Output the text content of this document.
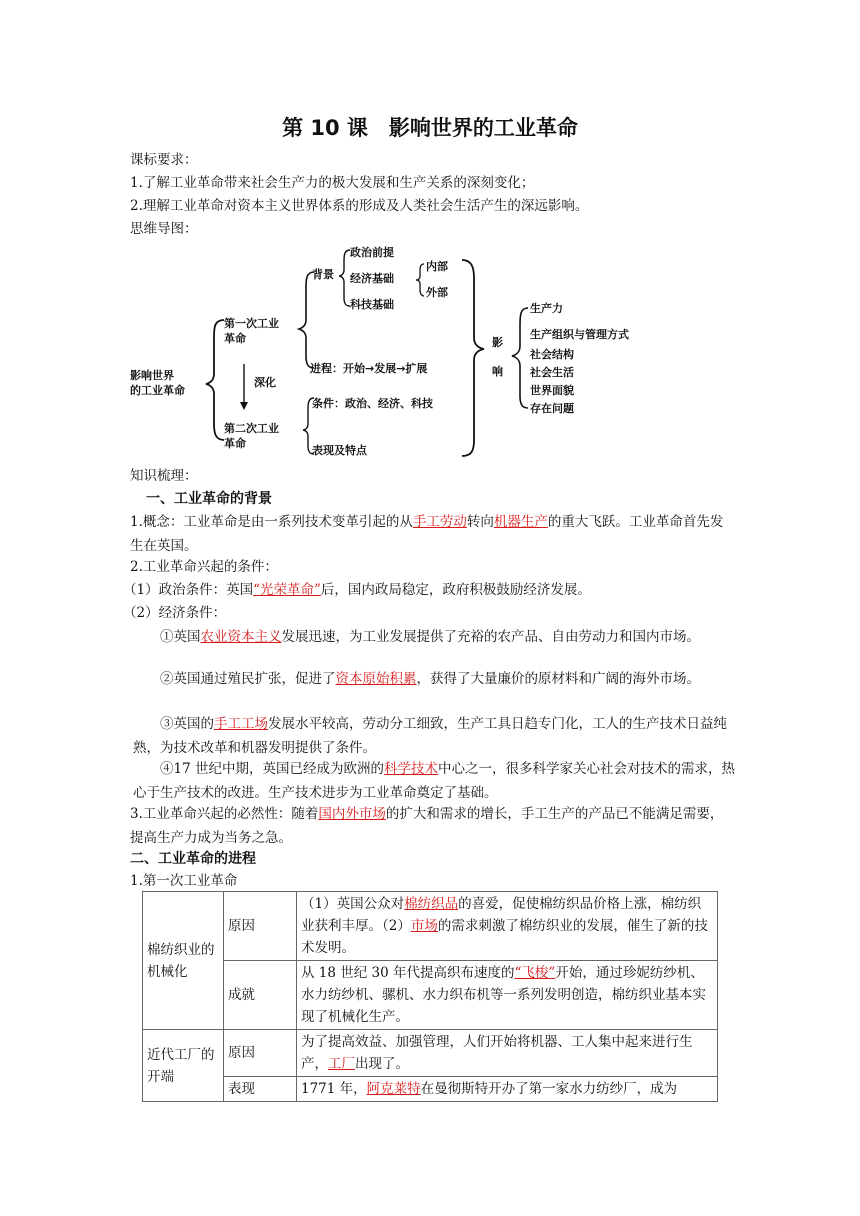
第 10 课　影响世界的工业革命
课标要求：
1.了解工业革命带来社会生产力的极大发展和生产关系的深刻变化；
2.理解工业革命对资本主义世界体系的形成及人类社会生活产生的深远影响。
思维导图：
影响世界
的工业革命
第一次工业
革命
深化
第二次工业
革命
背景
进程：开始→发展→扩展
政治前提
经济基础
科技基础
内部
外部
条件：政治、经济、科技
表现及特点
影
响
生产力
生产组织与管理方式
社会结构
社会生活
世界面貌
存在问题
知识梳理：
一、工业革命的背景
1.概念：工业革命是由一系列技术变革引起的从手工劳动转向机器生产的重大飞跃。工业革命首先发生在英国。
2.工业革命兴起的条件：
（1）政治条件：英国“光荣革命”后，国内政局稳定，政府积极鼓励经济发展。
（2）经济条件：
①英国农业资本主义发展迅速，为工业发展提供了充裕的农产品、自由劳动力和国内市场。
②英国通过殖民扩张，促进了资本原始积累，获得了大量廉价的原材料和广阔的海外市场。
③英国的手工工场发展水平较高，劳动分工细致，生产工具日趋专门化，工人的生产技术日益纯熟，为技术改革和机器发明提供了条件。
④17 世纪中期，英国已经成为欧洲的科学技术中心之一，很多科学家关心社会对技术的需求，热心于生产技术的改进。生产技术进步为工业革命奠定了基础。
3.工业革命兴起的必然性：随着国内外市场的扩大和需求的增长，手工生产的产品已不能满足需要，提高生产力成为当务之急。
二、工业革命的进程
1.第一次工业革命
棉纺织业的机械化	原因	（1）英国公众对棉纺织品的喜爱，促使棉纺织品价格上涨，棉纺织业获利丰厚。（2）市场的需求刺激了棉纺织业的发展，催生了新的技术发明。
	成就	从 18 世纪 30 年代提高织布速度的“飞梭”开始，通过珍妮纺纱机、水力纺纱机、骡机、水力织布机等一系列发明创造，棉纺织业基本实现了机械化生产。
近代工厂的开端	原因	为了提高效益、加强管理，人们开始将机器、工人集中起来进行生产，工厂出现了。
	表现	1771 年，阿克莱特在曼彻斯特开办了第一家水力纺纱厂，成为
